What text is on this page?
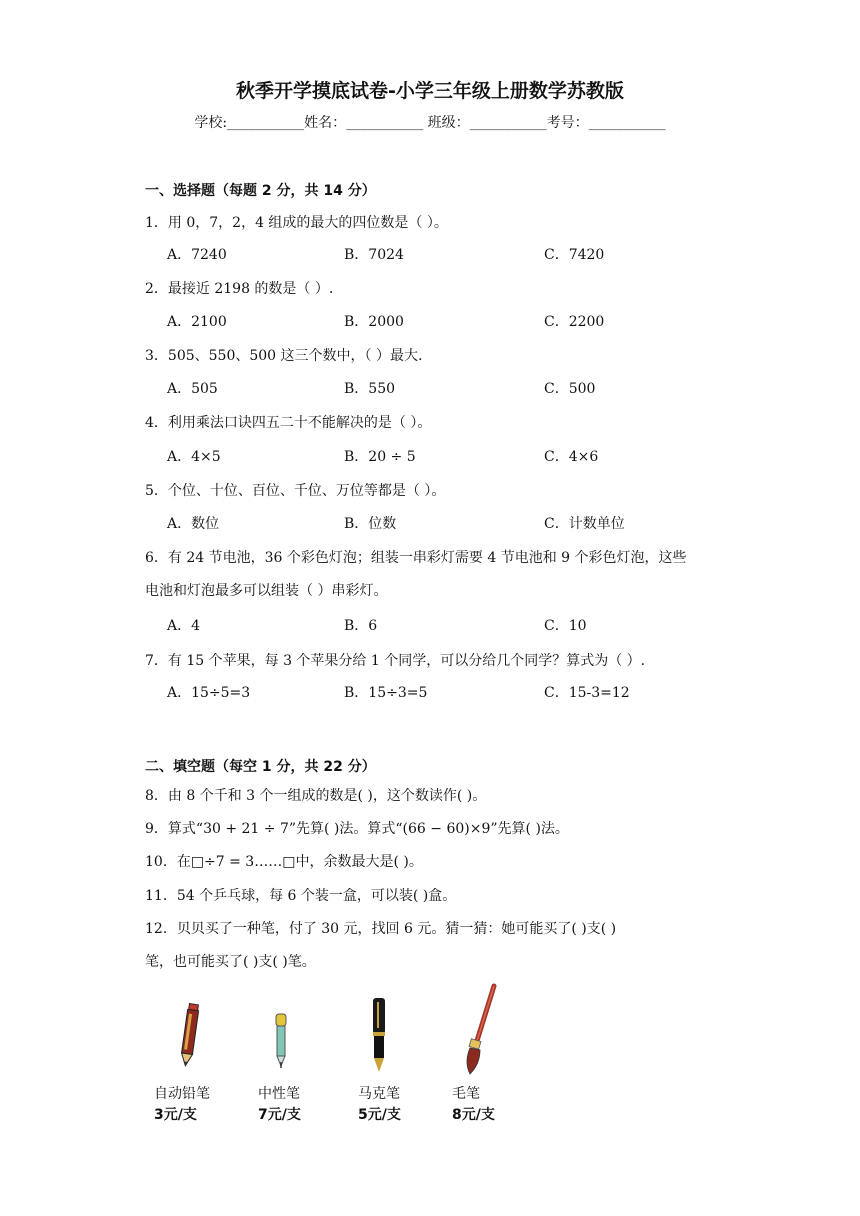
秋季开学摸底试卷-小学三年级上册数学苏教版
学校:___________姓名：___________ 班级：___________考号：___________
一、选择题（每题 2 分，共 14 分）
1．用 0，7，2，4 组成的最大的四位数是（ ）。
A．7240	B．7024	C．7420
2．最接近 2198 的数是（ ）.
A．2100	B．2000	C．2200
3．505、550、500 这三个数中，（ ）最大.
A．505	B．550	C．500
4．利用乘法口诀四五二十不能解决的是（ ）。
A．4×5	B．20 ÷ 5	C．4×6
5．个位、十位、百位、千位、万位等都是（ ）。
A．数位	B．位数	C．计数单位
6．有 24 节电池，36 个彩色灯泡；组装一串彩灯需要 4 节电池和 9 个彩色灯泡，这些
电池和灯泡最多可以组装（ ）串彩灯。
A．4	B．6	C．10
7．有 15 个苹果，每 3 个苹果分给 1 个同学，可以分给几个同学？算式为（ ）.
A．15÷5=3	B．15÷3=5	C．15-3=12
二、填空题（每空 1 分，共 22 分）
8．由 8 个千和 3 个一组成的数是( )，这个数读作( )。
9．算式“30 + 21 ÷ 7”先算( )法。算式“(66 − 60)×9”先算( )法。
10．在□÷7 = 3……□中，余数最大是( )。
11．54 个乒乓球，每 6 个装一盒，可以装( )盒。
12．贝贝买了一种笔，付了 30 元，找回 6 元。猜一猜：她可能买了( )支( )
笔，也可能买了( )支( )笔。
自动铅笔
3元/支
中性笔
7元/支
马克笔
5元/支
毛笔
8元/支
